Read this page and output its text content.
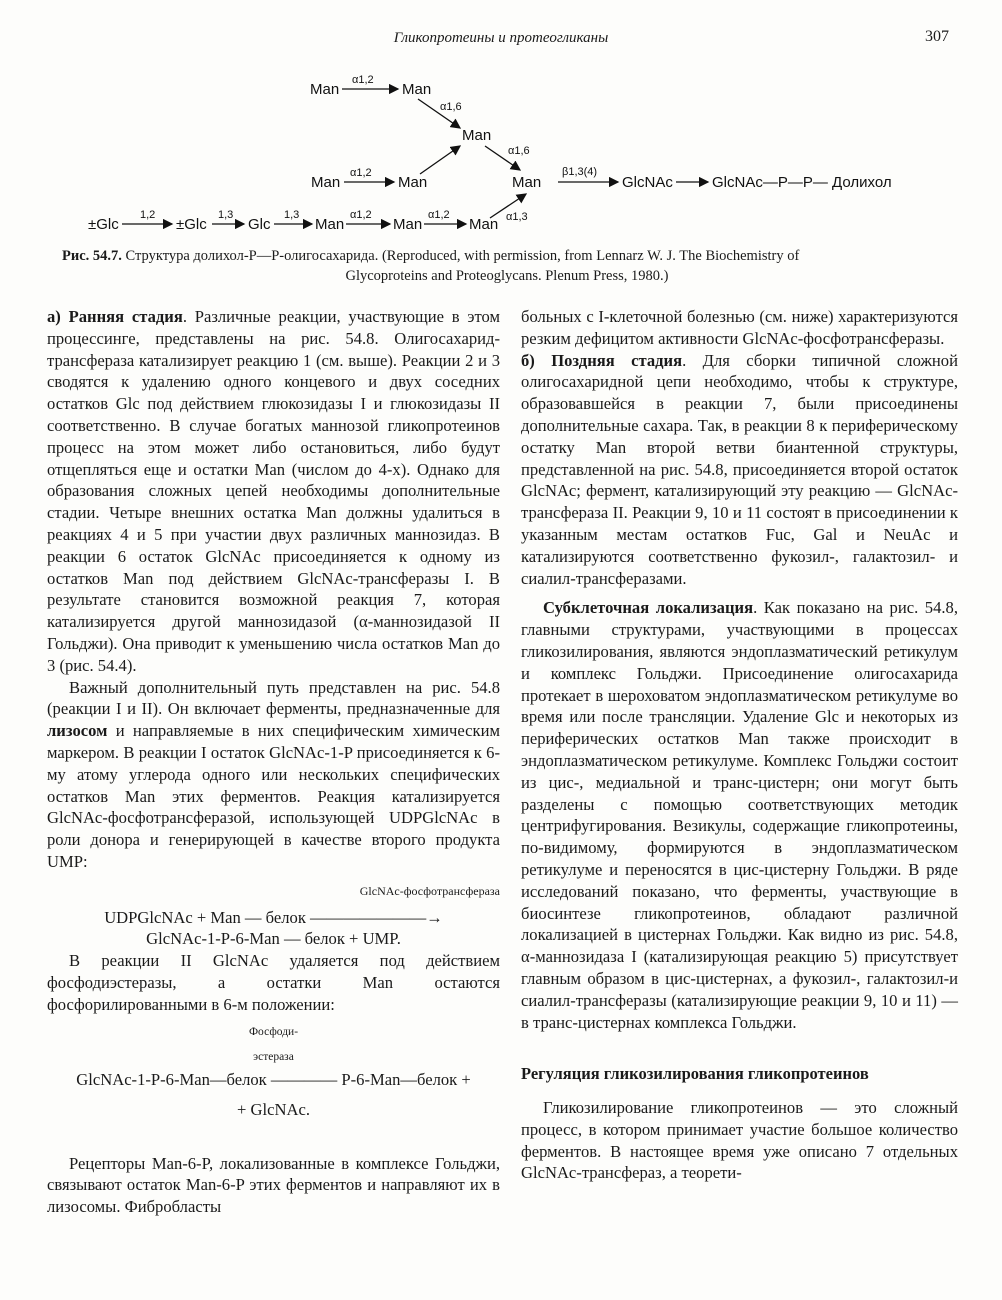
Гликопротеины и протеогликаны	307
Man
α1,2
Man
α1,6
Man
Man
α1,2
Man
α1,6
Man
β1,3(4)
GlcNAc	GlcNAc—P—P— Долихол
±Glc
1,2
±Glc
1,3
Glc
1,3
Man
α1,2
Man
α1,2
Man α1,3
Рис. 54.7. Структура долихол-Р—Р-олигосахарида. (Reproduced, with permission, from Lennarz W. J. The Biochemistry of
Glycoproteins and Proteoglycans. Plenum Press, 1980.)

а) Ранняя стадия. Различные реакции, участвующие в этом процессинге, представлены на рис. 54.8. Олигосахарид-трансфераза катализирует реакцию 1 (см. выше). Реакции 2 и 3 сводятся к удалению одного концевого и двух соседних остатков Glc под действием глюкозидазы I и глюкозидазы II соответственно. В случае богатых маннозой гликопротеинов процесс на этом может либо остановиться, либо будут отщепляться еще и остатки Man (числом до 4-х). Однако для образования сложных цепей необходимы дополнительные стадии. Четыре внешних остатка Man должны удалиться в реакциях 4 и 5 при участии двух различных маннозидаз. В реакции 6 остаток GlcNAc присоединяется к одному из остатков Man под действием GlcNAc-трансферазы I. В результате становится возможной реакция 7, которая катализируется другой маннозидазой (α-маннозидазой II Гольджи). Она приводит к уменьшению числа остатков Man до 3 (рис. 54.4).

Важный дополнительный путь представлен на рис. 54.8 (реакции I и II). Он включает ферменты, предназначенные для лизосом и направляемые в них специфическим химическим маркером. В реакции I остаток GlcNAc-1-P присоединяется к 6-му атому углерода одного или нескольких специфических остатков Man этих ферментов. Реакция катализируется GlcNAc-фосфотрансферазой, использующей UDPGlcNAc в роли донора и генерирующей в качестве второго продукта UMP:

GlcNAc-фосфотрансфераза
UDPGlcNAc + Man — белок ———————→
GlcNAc-1-P-6-Man — белок + UMP.

В реакции II GlcNAc удаляется под действием фосфодиэстеразы, а остатки Man остаются фосфорилированными в 6-м положении:

Фосфоди-
эстераза
GlcNAc-1-P-6-Man—белок ———— P-6-Man—белок +
+ GlcNAc.

Рецепторы Man-6-P, локализованные в комплексе Гольджи, связывают остаток Man-6-P этих ферментов и направляют их в лизосомы. Фибробласты

больных с I-клеточной болезнью (см. ниже) характеризуются резким дефицитом активности GlcNAc-фосфотрансферазы.

б) Поздняя стадия. Для сборки типичной сложной олигосахаридной цепи необходимо, чтобы к структуре, образовавшейся в реакции 7, были присоединены дополнительные сахара. Так, в реакции 8 к периферическому остатку Man второй ветви биантенной структуры, представленной на рис. 54.8, присоединяется второй остаток GlcNAc; фермент, катализирующий эту реакцию — GlcNAc-трансфераза II. Реакции 9, 10 и 11 состоят в присоединении к указанным местам остатков Fuc, Gal и NeuAc и катализируются соответственно фукозил-, галактозил- и сиалил-трансферазами.

Субклеточная локализация. Как показано на рис. 54.8, главными структурами, участвующими в процессах гликозилирования, являются эндоплазматический ретикулум и комплекс Гольджи. Присоединение олигосахарида протекает в шероховатом эндоплазматическом ретикулуме во время или после трансляции. Удаление Glc и некоторых из периферических остатков Man также происходит в эндоплазматическом ретикулуме. Комплекс Гольджи состоит из цис-, медиальной и транс-цистерн; они могут быть разделены с помощью соответствующих методик центрифугирования. Везикулы, содержащие гликопротеины, по-видимому, формируются в эндоплазматическом ретикулуме и переносятся в цис-цистерну Гольджи. В ряде исследований показано, что ферменты, участвующие в биосинтезе гликопротеинов, обладают различной локализацией в цистернах Гольджи. Как видно из рис. 54.8, α-маннозидаза I (катализирующая реакцию 5) присутствует главным образом в цис-цистернах, а фукозил-, галактозил-и сиалил-трансферазы (катализирующие реакции 9, 10 и 11) — в транс-цистернах комплекса Гольджи.

Регуляция гликозилирования гликопротеинов

Гликозилирование гликопротеинов — это сложный процесс, в котором принимает участие большое количество ферментов. В настоящее время уже описано 7 отдельных GlcNAc-трансфераз, а теорети-
